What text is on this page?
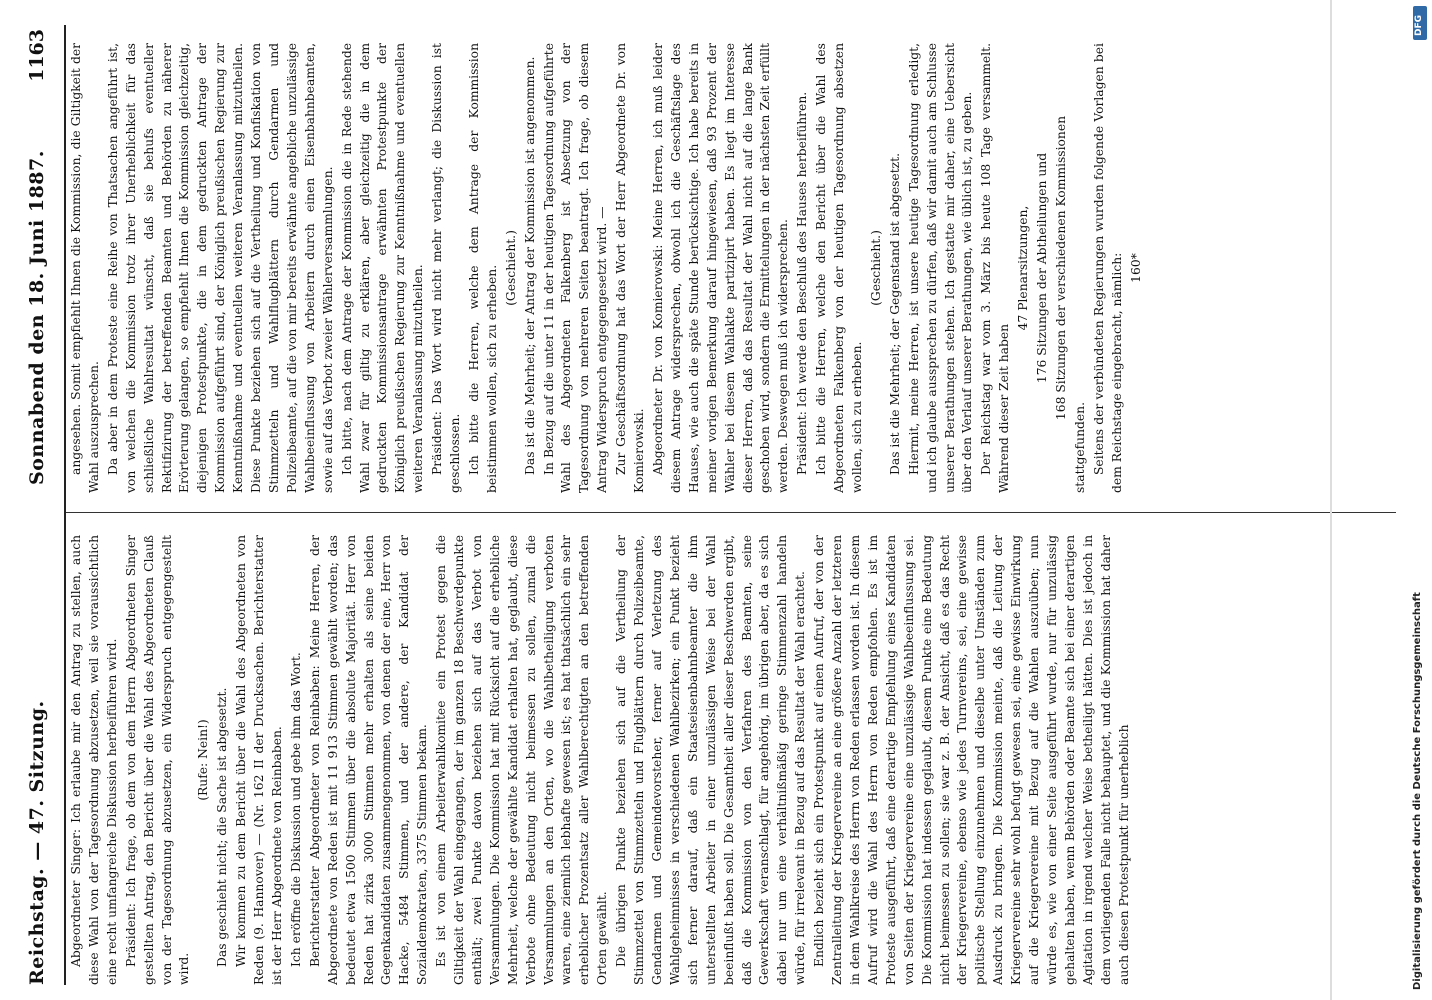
Reichstag. — 47. Sitzung.
Sonnabend den 18. Juni 1887.
1163

Abgeordneter Singer: Ich erlaube mir den Antrag zu stellen, auch diese Wahl von der Tagesordnung abzusetzen, weil sie voraussichtlich eine recht umfangreiche Diskussion herbeiführen wird. Präsident: Ich frage, ob dem von dem Herrn Abgeordneten Singer gestellten Antrag, den Bericht über die Wahl des Abgeordneten Clauß von der Tagesordnung abzusetzen, ein Widerspruch entgegengestellt wird.

(Rufe: Nein!) Das geschieht nicht; die Sache ist abgesetzt. Wir kommen zu dem Bericht über die Wahl des Abgeordneten von Reden (9. Hannover) — (Nr. 162 II der Drucksachen. Berichterstatter ist der Herr Abgeordnete von Reinbaben. Ich eröffne die Diskussion und gebe ihm das Wort. Berichterstatter Abgeordneter von Reinbaben: Meine Herren, der Abgeordnete von Reden ist mit 11 913 Stimmen gewählt worden; das bedeutet etwa 1500 Stimmen über die absolute Majorität. Herr von Reden hat zirka 3000 Stimmen mehr erhalten als seine beiden Gegenkandidaten zusammengenommen, von denen der eine, Herr von Hacke, 5484 Stimmen, und der andere, der Kandidat der Sozialdemokraten, 3375 Stimmen bekam. Es ist von einem Arbeiterwahlkomitee ein Protest gegen die Giltigkeit der Wahl eingegangen, der im ganzen 18 Beschwerdepunkte enthält; zwei Punkte davon beziehen sich auf das Verbot von Versammlungen. Die Kommission hat mit Rücksicht auf die erhebliche Mehrheit, welche der gewählte Kandidat erhalten hat, geglaubt, diese Verbote ohne Bedeutung nicht beimessen zu sollen, zumal die Versammlungen an den Orten, wo die Wahlbetheiligung verboten waren, eine ziemlich lebhafte gewesen ist; es hat thatsächlich ein sehr erheblicher Prozentsatz aller Wahlberechtigten an den betreffenden Orten gewählt. Die übrigen Punkte beziehen sich auf die Vertheilung der Stimmzettel von Stimmzetteln und Flugblättern durch Polizeibeamte, Gendarmen und Gemeindevorsteher, ferner auf Verletzung des Wahlgeheimnisses in verschiedenen Wahlbezirken; ein Punkt bezieht sich ferner darauf, daß ein Staatseisenbahnbeamter die ihm unterstellten Arbeiter in einer unzulässigen Weise bei der Wahl beeinflußt haben soll. Die Gesamtheit aller dieser Beschwerden ergibt, daß die Kommission von den Verfahren des Beamten, seine Gewerkschaft veranschlagt, für angehörig, im übrigen aber, da es sich dabei nur um eine verhältnißmäßig geringe Stimmenzahl handeln würde, für irrelevant in Bezug auf das Resultat der Wahl erachtet. Endlich bezieht sich ein Protestpunkt auf einen Aufruf, der von der Zentralleitung der Kriegervereine an eine größere Anzahl der letzteren in dem Wahlkreise des Herrn von Reden erlassen worden ist. In diesem Aufruf wird die Wahl des Herrn von Reden empfohlen. Es ist im Proteste ausgeführt, daß eine derartige Empfehlung eines Kandidaten von Seiten der Kriegervereine eine unzulässige Wahlbeeinflussung sei. Die Kommission hat indessen geglaubt, diesem Punkte eine Bedeutung nicht beimessen zu sollen; sie war z. B. der Ansicht, daß es das Recht der Kriegervereine, ebenso wie jedes Turnvereins, sei, eine gewisse politische Stellung einzunehmen und dieselbe unter Umständen zum Ausdruck zu bringen. Die Kommission meinte, daß die Leitung der Kriegervereine sehr wohl befugt gewesen sei, eine gewisse Einwirkung auf die Kriegervereine mit Bezug auf die Wahlen auszuüben; nun würde es, wie von einer Seite ausgeführt wurde, nur für unzulässig gehalten haben, wenn Behörden oder Beamte sich bei einer derartigen Agitation in irgend welcher Weise betheiligt hätten. Dies ist jedoch in dem vorliegenden Falle nicht behauptet, und die Kommission hat daher auch diesen Protestpunkt für unerheblich

angesehen. Somit empfiehlt Ihnen die Kommission, die Giltigkeit der Wahl auszusprechen. Da aber in dem Proteste eine Reihe von Thatsachen angeführt ist, von welchen die Kommission trotz ihrer Unerheblichkeit für das schließliche Wahlresultat wünscht, daß sie behufs eventueller Rektifizirung der betreffenden Beamten und Behörden zu näherer Erörterung gelangen, so empfiehlt Ihnen die Kommission gleichzeitig, diejenigen Protestpunkte, die in dem gedruckten Antrage der Kommission aufgeführt sind, der Königlich preußischen Regierung zur Kenntnißnahme und eventuellen weiteren Veranlassung mitzutheilen. Diese Punkte beziehen sich auf die Vertheilung und Konfiskation von Stimmzetteln und Wahlflugblättern durch Gendarmen und Polizeibeamte, auf die von mir bereits erwähnte angebliche unzulässige Wahlbeeinflussung von Arbeitern durch einen Eisenbahnbeamten, sowie auf das Verbot zweier Wählerversammlungen. Ich bitte, nach dem Antrage der Kommission die in Rede stehende Wahl zwar für giltig zu erklären, aber gleichzeitig die in dem gedruckten Kommissionsantrage erwähnten Protestpunkte der Königlich preußischen Regierung zur Kenntnißnahme und eventuellen weiteren Veranlassung mitzutheilen. Präsident: Das Wort wird nicht mehr verlangt; die Diskussion ist geschlossen. Ich bitte die Herren, welche dem Antrage der Kommission beistimmen wollen, sich zu erheben. (Geschieht.) Das ist die Mehrheit; der Antrag der Kommission ist angenommen. In Bezug auf die unter 11 in der heutigen Tagesordnung aufgeführte Wahl des Abgeordneten Falkenberg ist Absetzung von der Tagesordnung von mehreren Seiten beantragt. Ich frage, ob diesem Antrag Widerspruch entgegengesetzt wird. — Zur Geschäftsordnung hat das Wort der Herr Abgeordnete Dr. von Komierowski. Abgeordneter Dr. von Komierowski: Meine Herren, ich muß leider diesem Antrage widersprechen, obwohl ich die Geschäftslage des Hauses, wie auch die späte Stunde berücksichtige. Ich habe bereits in meiner vorigen Bemerkung darauf hingewiesen, daß 93 Prozent der Wähler bei diesem Wahlakte partizipirt haben. Es liegt im Interesse dieser Herren, daß das Resultat der Wahl nicht auf die lange Bank geschoben wird, sondern die Ermittelungen in der nächsten Zeit erfüllt werden. Deswegen muß ich widersprechen. Präsident: Ich werde den Beschluß des Hauses herbeiführen. Ich bitte die Herren, welche den Bericht über die Wahl des Abgeordneten Falkenberg von der heutigen Tagesordnung absetzen wollen, sich zu erheben.

(Geschieht.) Das ist die Mehrheit; der Gegenstand ist abgesetzt. Hiermit, meine Herren, ist unsere heutige Tagesordnung erledigt, und ich glaube aussprechen zu dürfen, daß wir damit auch am Schlusse unserer Berathungen stehen. Ich gestatte mir daher, eine Uebersicht über den Verlauf unserer Berathungen, wie üblich ist, zu geben. Der Reichstag war vom 3. März bis heute 108 Tage versammelt. Während dieser Zeit haben

47 Plenarsitzungen, 176 Sitzungen der Abtheilungen und 168 Sitzungen der verschiedenen Kommissionen

stattgefunden. Seitens der verbündeten Regierungen wurden folgende Vorlagen bei dem Reichstage eingebracht, nämlich: 160*

Digitalisierung gefördert durch die Deutsche Forschungsgemeinschaft
DFG
